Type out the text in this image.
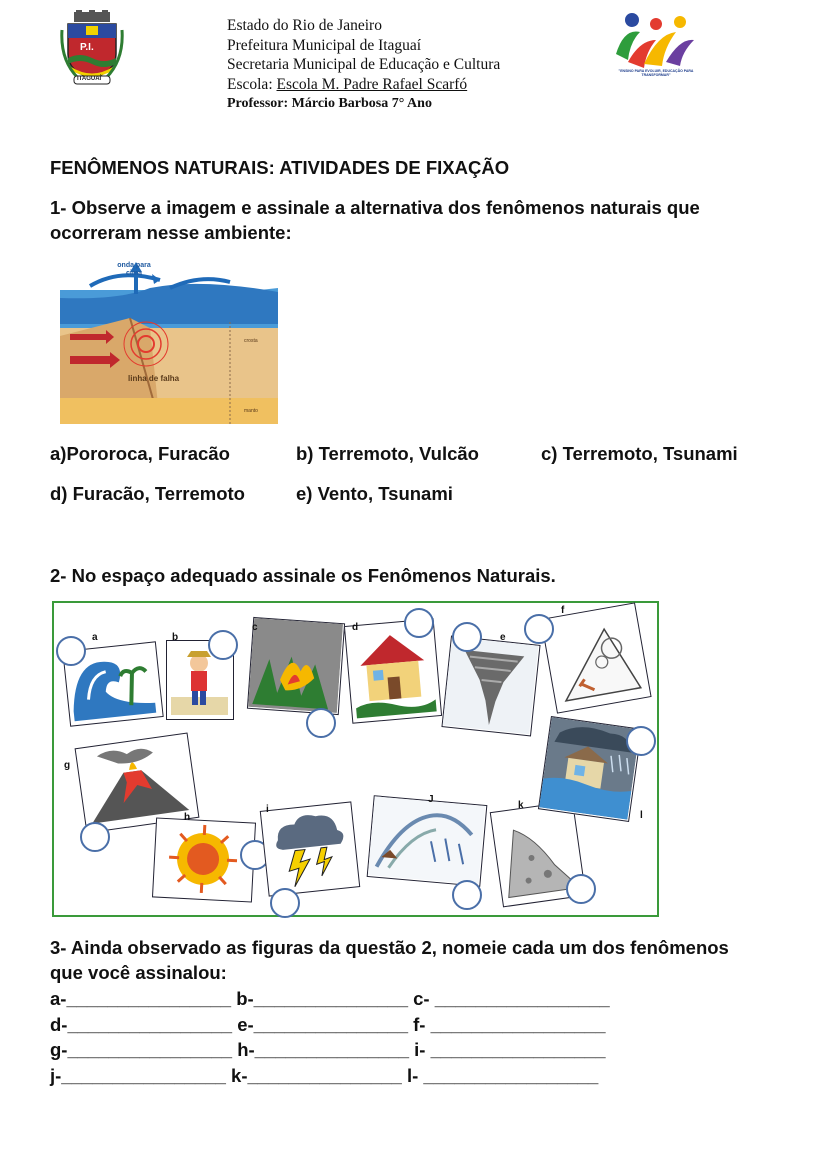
P.I.
ITAGUAÍ
Estado do Rio de Janeiro
Prefeitura Municipal de Itaguaí
Secretaria Municipal de Educação e Cultura
Escola: Escola M. Padre Rafael Scarfó
Professor: Márcio Barbosa 7° Ano
"ENSINO PARA EVOLUIR, EDUCAÇÃO PARA TRANSFORMAR"
FENÔMENOS NATURAIS: ATIVIDADES DE FIXAÇÃO
1- Observe a imagem e assinale a alternativa dos fenômenos naturais que
ocorreram nesse ambiente:
onda para cima
linha de falha
crosta
manto
a)Pororoca, Furacão	b) Terremoto, Vulcão	c) Terremoto, Tsunami
d) Furacão, Terremoto	e) Vento, Tsunami
2- No espaço adequado assinale os Fenômenos Naturais.
a	b
c	d
e
f
g
h
i
J
k
l
3- Ainda observado as figuras da questão 2, nomeie cada um dos fenômenos
que você assinalou:
a-________________ b-_______________ c- _________________
d-________________ e-_______________ f- _________________
g-________________ h-_______________ i- _________________
j-________________ k-_______________ l- _________________
